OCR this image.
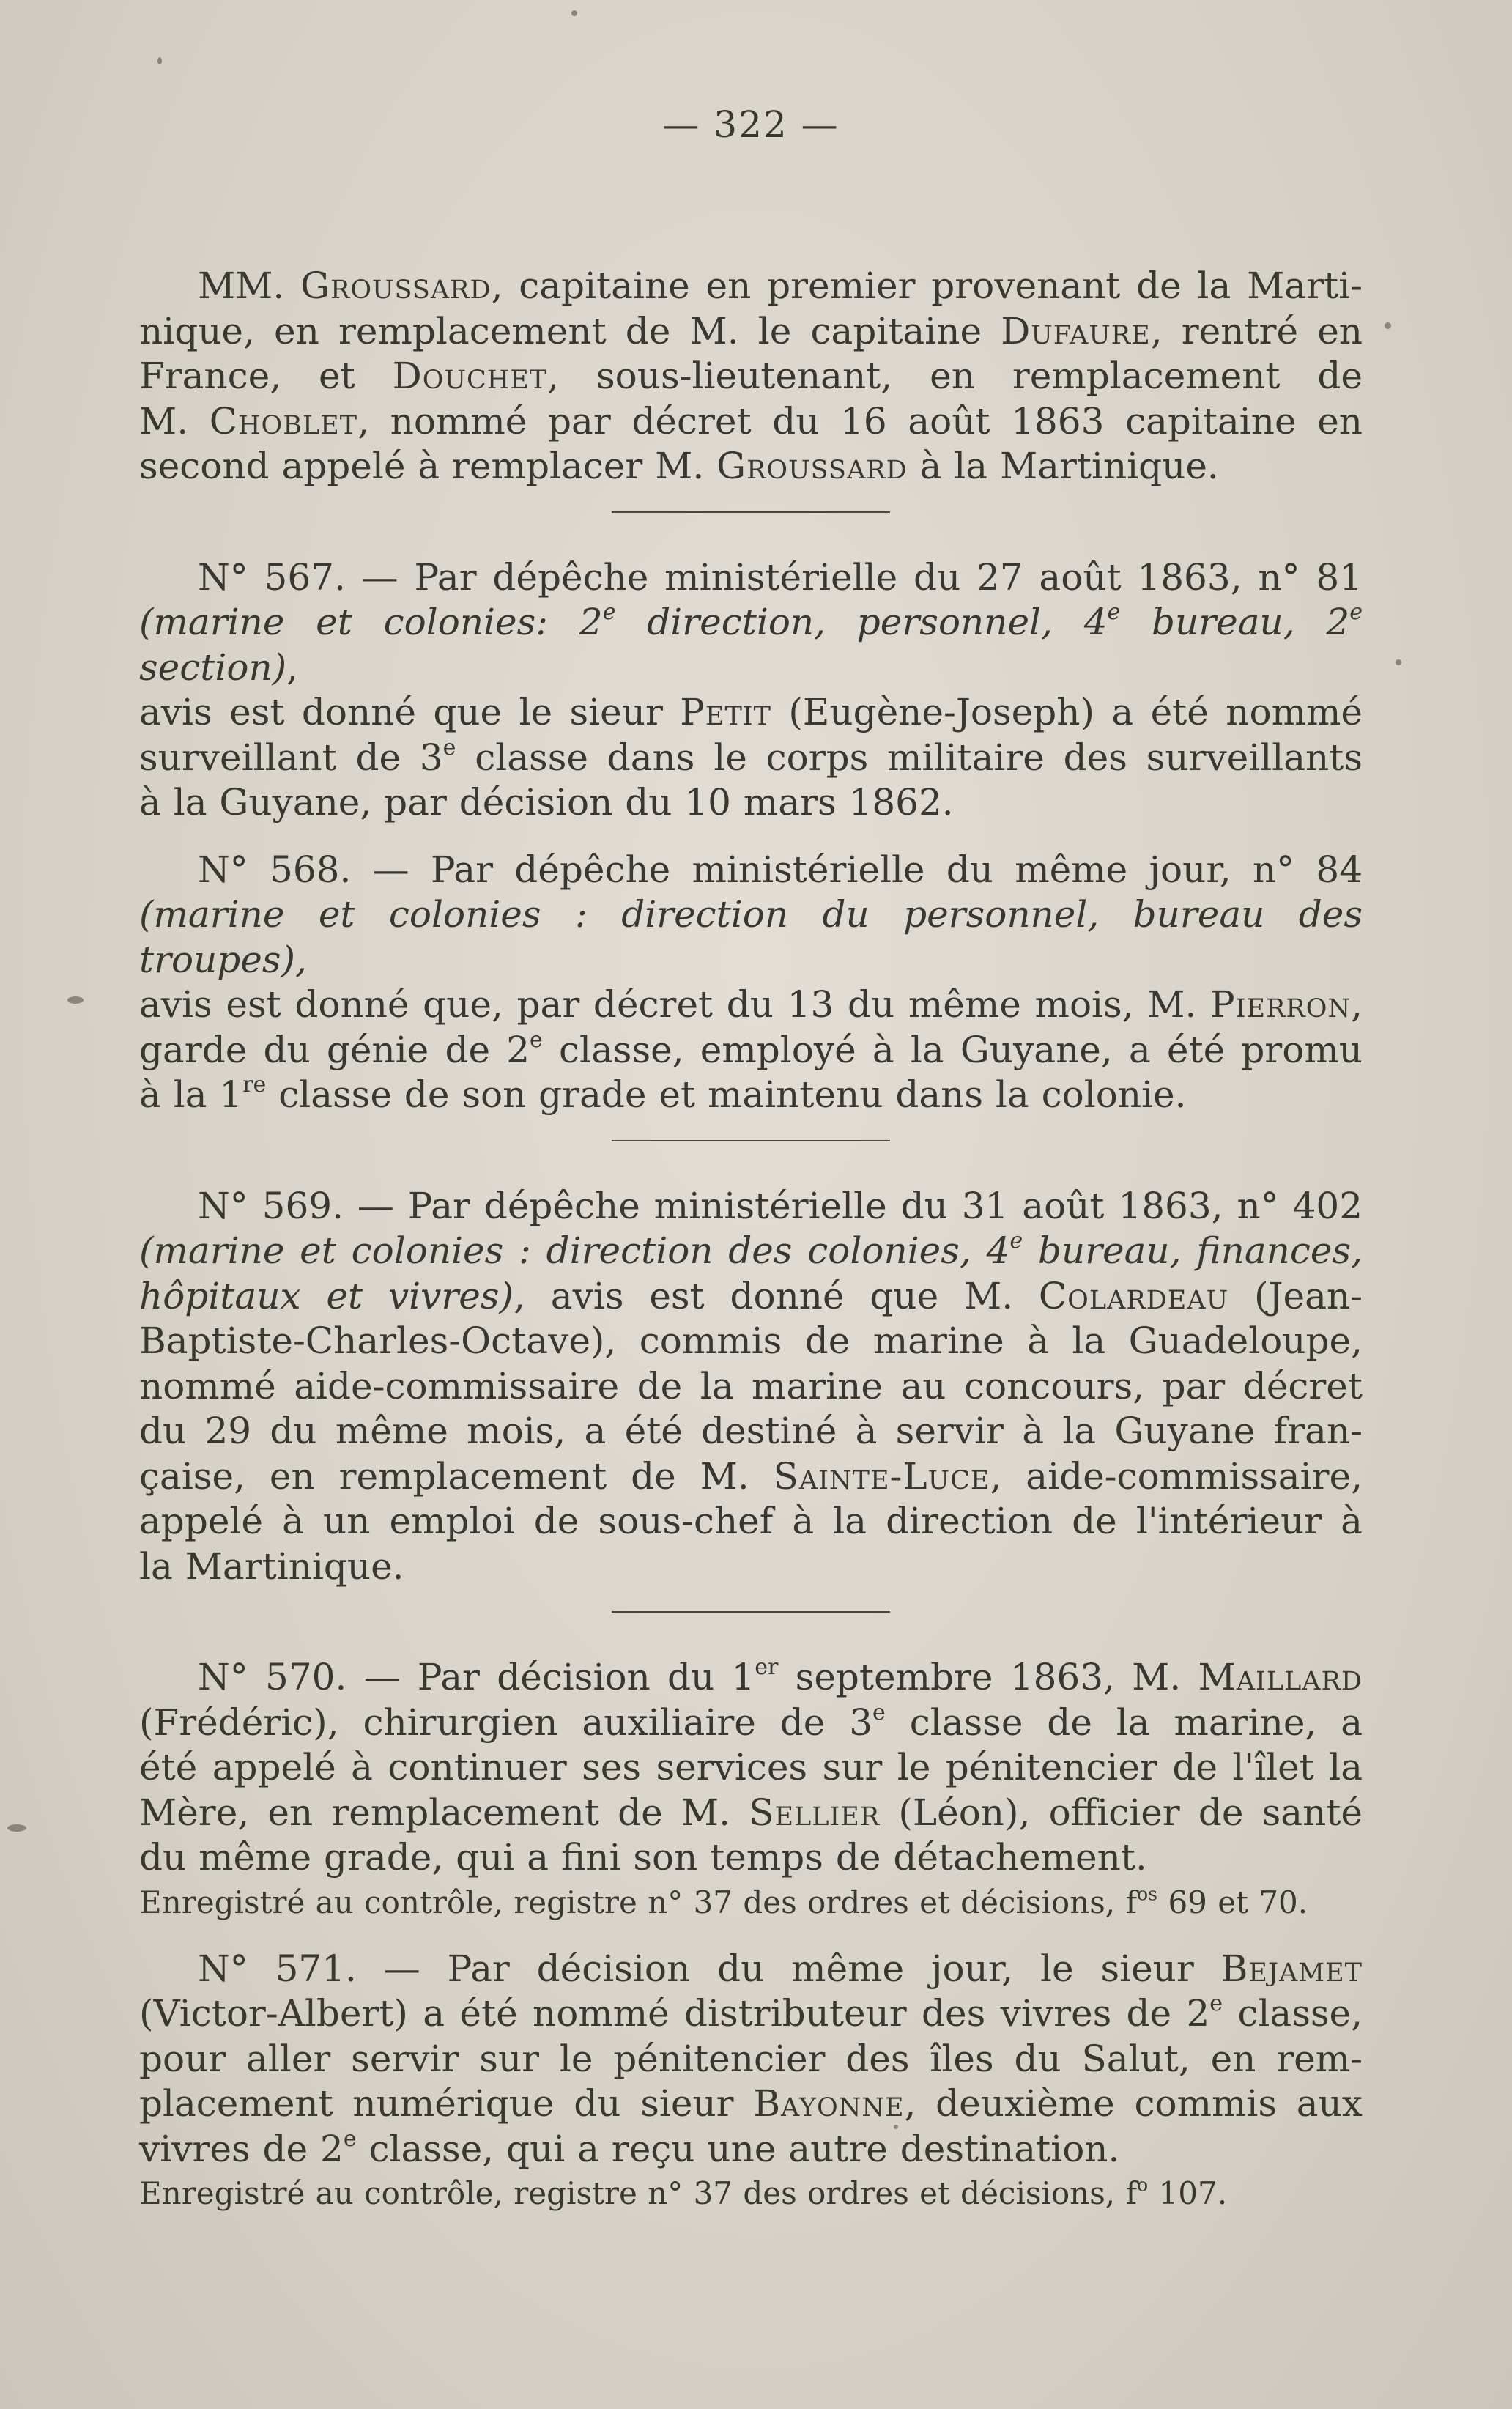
— 322 —

MM. Groussard, capitaine en premier provenant de la Marti-

nique, en remplacement de M. le capitaine Dufaure, rentré en

France, et Douchet, sous-lieutenant, en remplacement de

M. Choblet, nommé par décret du 16 août 1863 capitaine en

second appelé à remplacer M. Groussard à la Martinique.

N° 567. — Par dépêche ministérielle du 27 août 1863, n° 81

(marine et colonies: 2e direction, personnel, 4e bureau, 2e section),

avis est donné que le sieur Petit (Eugène-Joseph) a été nommé

surveillant de 3e classe dans le corps militaire des surveillants

à la Guyane, par décision du 10 mars 1862.

N° 568. — Par dépêche ministérielle du même jour, n° 84

(marine et colonies : direction du personnel, bureau des troupes),

avis est donné que, par décret du 13 du même mois, M. Pierron,

garde du génie de 2e classe, employé à la Guyane, a été promu

à la 1re classe de son grade et maintenu dans la colonie.

N° 569. — Par dépêche ministérielle du 31 août 1863, n° 402

(marine et colonies : direction des colonies, 4e bureau, finances,

hôpitaux et vivres), avis est donné que M. Colardeau (Jean-

Baptiste-Charles-Octave), commis de marine à la Guadeloupe,

nommé aide-commissaire de la marine au concours, par décret

du 29 du même mois, a été destiné à servir à la Guyane fran-

çaise, en remplacement de M. Sainte-Luce, aide-commissaire,

appelé à un emploi de sous-chef à la direction de l'intérieur à

la Martinique.

N° 570. — Par décision du 1er septembre 1863, M. Maillard

(Frédéric), chirurgien auxiliaire de 3e classe de la marine, a

été appelé à continuer ses services sur le pénitencier de l'îlet la

Mère, en remplacement de M. Sellier (Léon), officier de santé

du même grade, qui a fini son temps de détachement.

Enregistré au contrôle, registre n° 37 des ordres et décisions, $f^{os}$ 69 et 70.

N° 571. — Par décision du même jour, le sieur Bejamet

(Victor-Albert) a été nommé distributeur des vivres de 2e classe,

pour aller servir sur le pénitencier des îles du Salut, en rem-

placement numérique du sieur Bayonne, deuxième commis aux

vivres de 2e classe, qui a reçu une autre destination.

Enregistré au contrôle, registre n° 37 des ordres et décisions, $f^o$ 107.
